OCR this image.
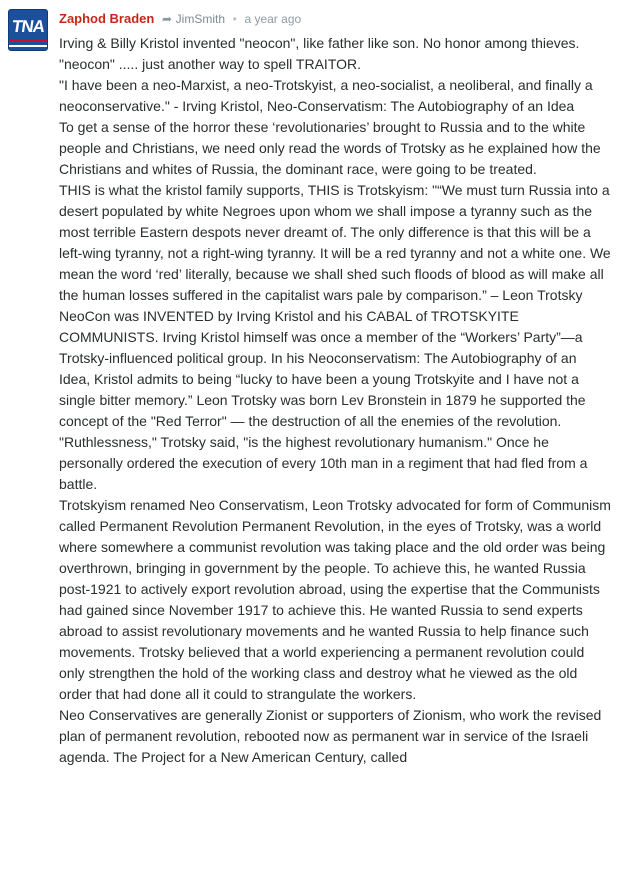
TNA Zaphod Braden ➦ JimSmith • a year ago

Irving & Billy Kristol invented "neocon", like father like son. No honor among thieves.

"neocon" ..... just another way to spell TRAITOR.

"I have been a neo-Marxist, a neo-Trotskyist, a neo-socialist, a neoliberal, and finally a neoconservative." - Irving Kristol, Neo-Conservatism: The Autobiography of an Idea

To get a sense of the horror these ‘revolutionaries’ brought to Russia and to the white people and Christians, we need only read the words of Trotsky as he explained how the Christians and whites of Russia, the dominant race, were going to be treated.

THIS is what the kristol family supports, THIS is Trotskyism: "“We must turn Russia into a desert populated by white Negroes upon whom we shall impose a tyranny such as the most terrible Eastern despots never dreamt of. The only difference is that this will be a left-wing tyranny, not a right-wing tyranny. It will be a red tyranny and not a white one. We mean the word ‘red’ literally, because we shall shed such floods of blood as will make all the human losses suffered in the capitalist wars pale by comparison.” – Leon Trotsky

NeoCon was INVENTED by Irving Kristol and his CABAL of TROTSKYITE COMMUNISTS. Irving Kristol himself was once a member of the “Workers’ Party”—a Trotsky-influenced political group. In his Neoconservatism: The Autobiography of an Idea, Kristol admits to being “lucky to have been a young Trotskyite and I have not a single bitter memory.” Leon Trotsky was born Lev Bronstein in 1879 he supported the concept of the "Red Terror" — the destruction of all the enemies of the revolution. "Ruthlessness," Trotsky said, "is the highest revolutionary humanism." Once he personally ordered the execution of every 10th man in a regiment that had fled from a battle.

Trotskyism renamed Neo Conservatism, Leon Trotsky advocated for form of Communism called Permanent Revolution Permanent Revolution, in the eyes of Trotsky, was a world where somewhere a communist revolution was taking place and the old order was being overthrown, bringing in government by the people. To achieve this, he wanted Russia post-1921 to actively export revolution abroad, using the expertise that the Communists had gained since November 1917 to achieve this. He wanted Russia to send experts abroad to assist revolutionary movements and he wanted Russia to help finance such movements. Trotsky believed that a world experiencing a permanent revolution could only strengthen the hold of the working class and destroy what he viewed as the old order that had done all it could to strangulate the workers.

Neo Conservatives are generally Zionist or supporters of Zionism, who work the revised plan of permanent revolution, rebooted now as permanent war in service of the Israeli agenda. The Project for a New American Century, called
